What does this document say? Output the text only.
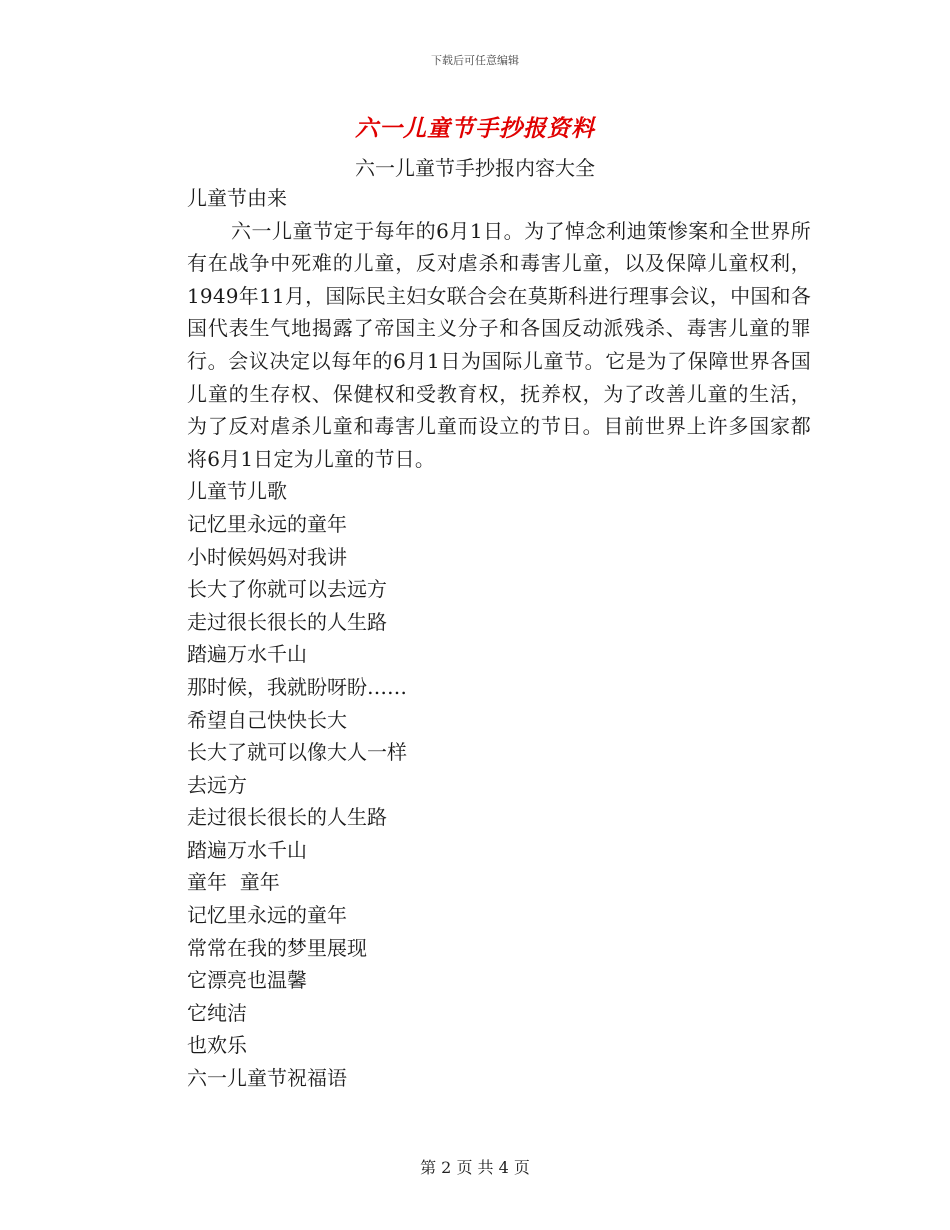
下载后可任意编辑
六一儿童节手抄报资料
六一儿童节手抄报内容大全

儿童节由来

六一儿童节定于每年的6月1日。为了悼念利迪策惨案和全世界所有在战争中死难的儿童，反对虐杀和毒害儿童，以及保障儿童权利，1949年11月，国际民主妇女联合会在莫斯科进行理事会议，中国和各国代表生气地揭露了帝国主义分子和各国反动派残杀、毒害儿童的罪行。会议决定以每年的6月1日为国际儿童节。它是为了保障世界各国儿童的生存权、保健权和受教育权，抚养权，为了改善儿童的生活，为了反对虐杀儿童和毒害儿童而设立的节日。目前世界上许多国家都将6月1日定为儿童的节日。

儿童节儿歌

记忆里永远的童年

小时候妈妈对我讲

长大了你就可以去远方

走过很长很长的人生路

踏遍万水千山

那时候，我就盼呀盼……

希望自己快快长大

长大了就可以像大人一样

去远方

走过很长很长的人生路

踏遍万水千山

童年  童年

记忆里永远的童年

常常在我的梦里展现

它漂亮也温馨

它纯洁

也欢乐

六一儿童节祝福语

第 2 页 共 4 页
